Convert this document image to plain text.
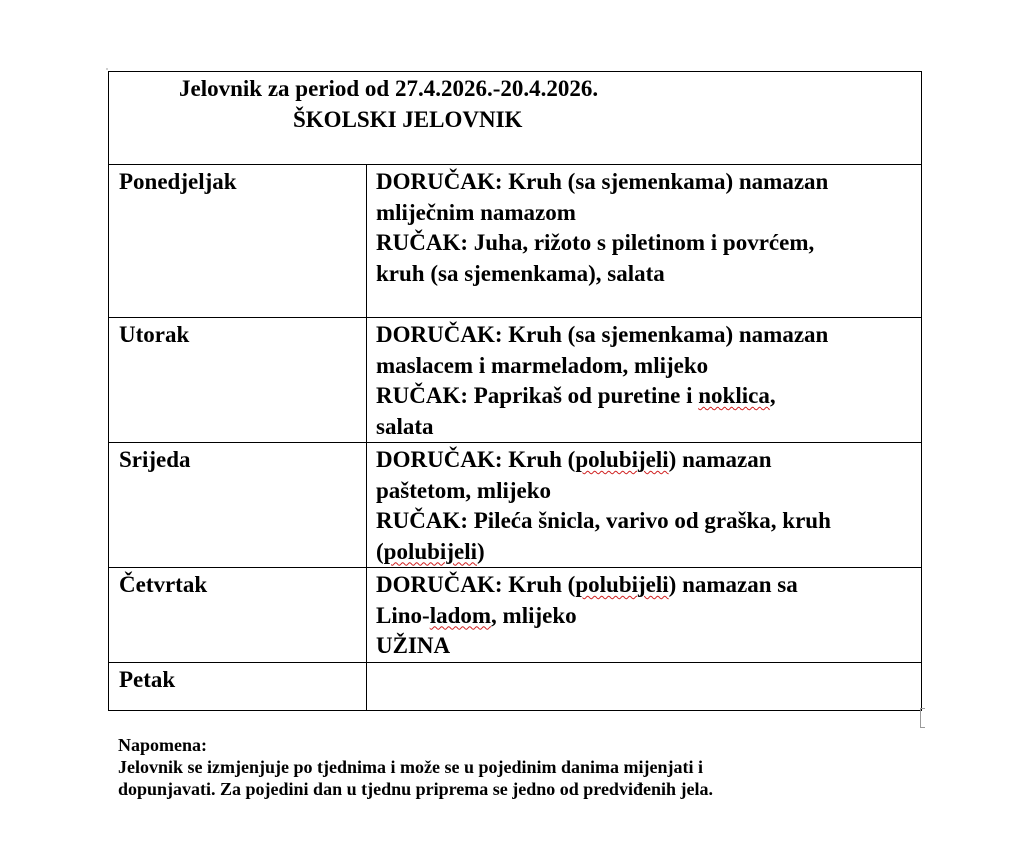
Jelovnik za period od 27.4.2026.-20.4.2026.
ŠKOLSKI JELOVNIK	

Ponedjeljak	DORUČAK: Kruh (sa sjemenkama) namazan
mliječnim namazom
RUČAK: Juha, rižoto s piletinom i povrćem,
kruh (sa sjemenkama), salata

Utorak	DORUČAK: Kruh (sa sjemenkama) namazan
maslacem i marmeladom, mlijeko
RUČAK: Paprikaš od puretine i noklica,
salata

Srijeda	DORUČAK: Kruh (polubijeli) namazan
paštetom, mlijeko
RUČAK: Pileća šnicla, varivo od graška, kruh
(polubijeli)

Četvrtak	DORUČAK: Kruh (polubijeli) namazan sa
Lino-ladom, mlijeko
UŽINA

Petak	
Napomena:
Jelovnik se izmjenjuje po tjednima i može se u pojedinim danima mijenjati i
dopunjavati. Za pojedini dan u tjednu priprema se jedno od predviđenih jela.
